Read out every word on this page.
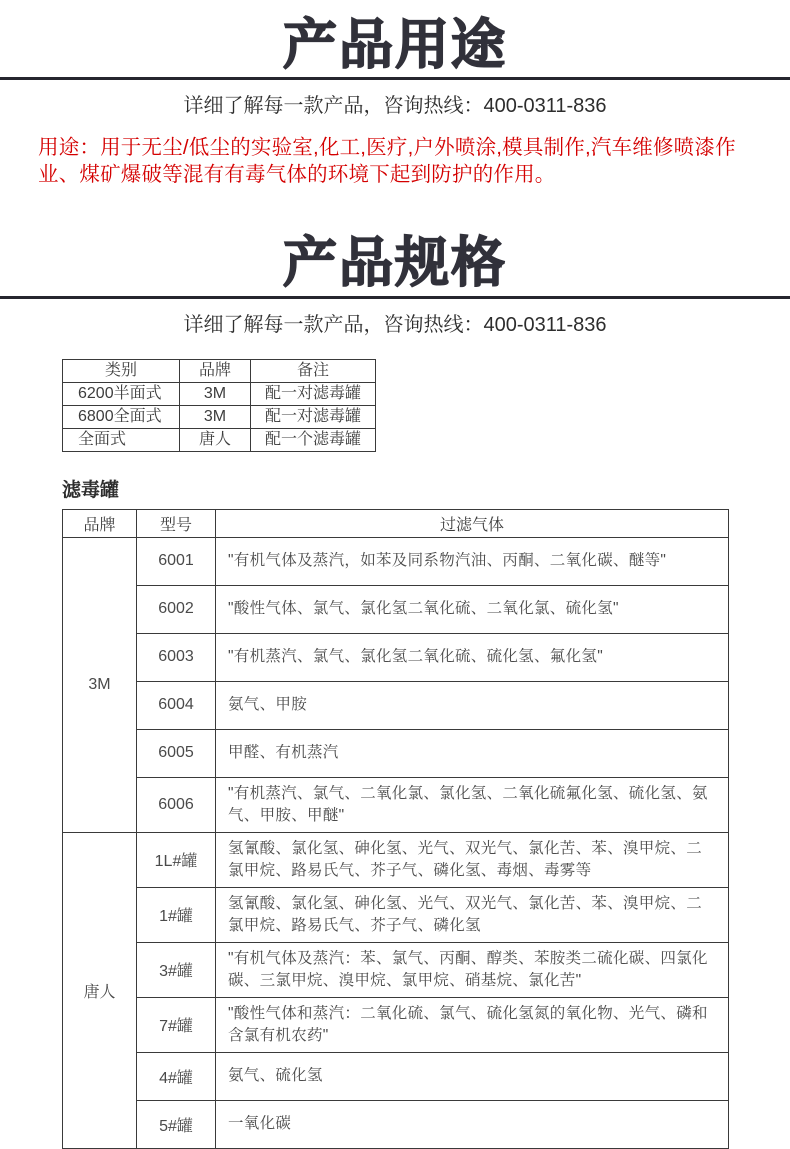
产品用途
详细了解每一款产品，咨询热线：400-0311-836

用途：用于无尘/低尘的实验室,化工,医疗,户外喷涂,模具制作,汽车维修喷漆作业、煤矿爆破等混有有毒气体的环境下起到防护的作用。

产品规格
详细了解每一款产品，咨询热线：400-0311-836
类别	品牌	备注
6200半面式	3M	配一对滤毒罐
6800全面式	3M	配一对滤毒罐
全面式	唐人	配一个滤毒罐
滤毒罐
品牌	型号	过滤气体
3M	6001	"有机气体及蒸汽，如苯及同系物汽油、丙酮、二氧化碳、醚等"
	6002	"酸性气体、氯气、氯化氢二氧化硫、二氧化氯、硫化氢"
	6003	"有机蒸汽、氯气、氯化氢二氧化硫、硫化氢、氟化氢"
	6004	氨气、甲胺
	6005	甲醛、有机蒸汽
	6006	"有机蒸汽、氯气、二氧化氯、氯化氢、二氧化硫氟化氢、硫化氢、氨气、甲胺、甲醚"
唐人	1L#罐	氢氰酸、氯化氢、砷化氢、光气、双光气、氯化苦、苯、溴甲烷、二氯甲烷、路易氏气、芥子气、磷化氢、毒烟、毒雾等
	1#罐	氢氰酸、氯化氢、砷化氢、光气、双光气、氯化苦、苯、溴甲烷、二氯甲烷、路易氏气、芥子气、磷化氢
	3#罐	"有机气体及蒸汽：苯、氯气、丙酮、醇类、苯胺类二硫化碳、四氯化碳、三氯甲烷、溴甲烷、氯甲烷、硝基烷、氯化苦"
	7#罐	"酸性气体和蒸汽：二氧化硫、氯气、硫化氢氮的氧化物、光气、磷和含氯有机农药"
	4#罐	氨气、硫化氢
	5#罐	一氧化碳
